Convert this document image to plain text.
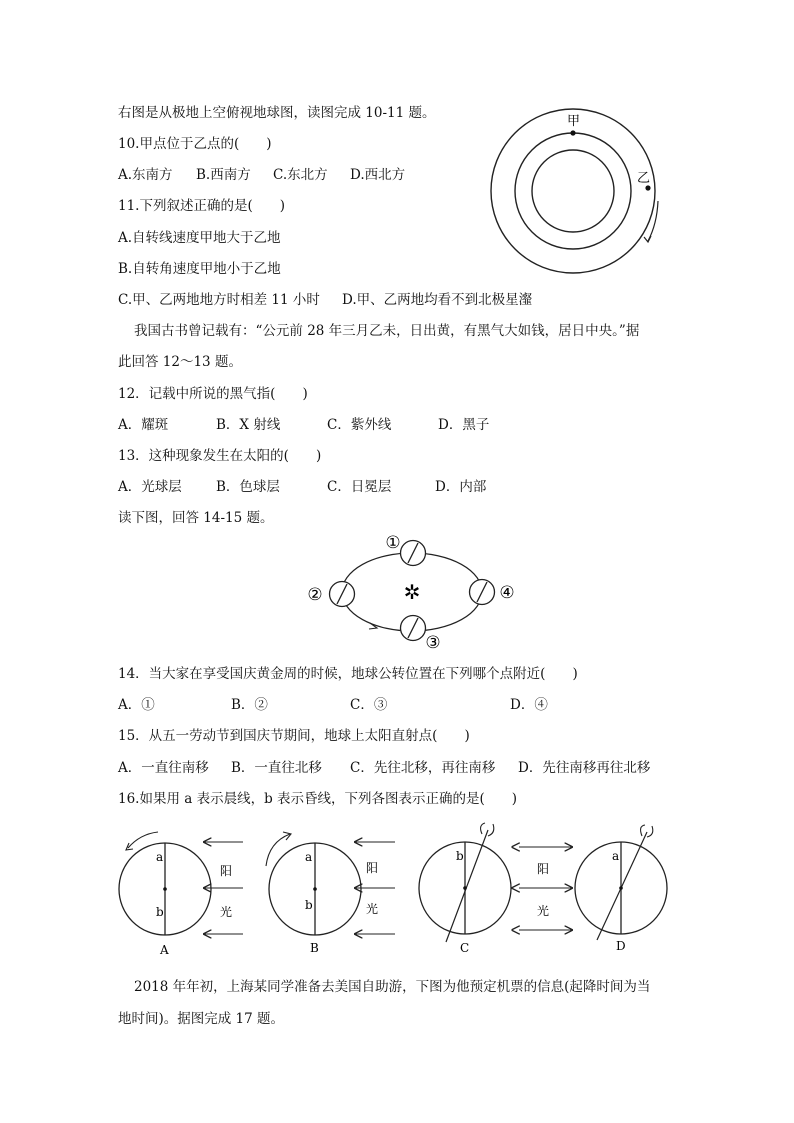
右图是从极地上空俯视地球图，读图完成 10-11 题。
10.甲点位于乙点的(　　)
A.东南方 B.西南方 C.东北方 D.西北方
11.下列叙述正确的是(　　)
A.自转线速度甲地大于乙地
B.自转角速度甲地小于乙地
C.甲、乙两地地方时相差 11 小时 D.甲、乙两地均看不到北极星瀣
甲
乙
我国古书曾记载有：“公元前 28 年三月乙未，日出黄，有黑气大如钱，居日中央。”据
此回答 12～13 题。
12．记载中所说的黑气指(　　)
A．耀斑	B．X 射线	C．紫外线	D．黑子
13．这种现象发生在太阳的(　　)
A．光球层	B．色球层	C．日冕层	D．内部
读下图，回答 14-15 题。
✲
①
②
③
④
14．当大家在享受国庆黄金周的时候，地球公转位置在下列哪个点附近(　　)
A．①	B．②	C．③	D．④
15．从五一劳动节到国庆节期间，地球上太阳直射点(　　)
A．一直往南移 B．一直往北移 C．先往北移，再往南移 D．先往南移再往北移
16.如果用 a 表示晨线，b 表示昏线，下列各图表示正确的是(　　)
a
b
A
阳
光
a
b
B
阳
光
b
C
阳
光
a
D
2018 年年初，上海某同学准备去美国自助游，下图为他预定机票的信息(起降时间为当
地时间)。据图完成 17 题。
